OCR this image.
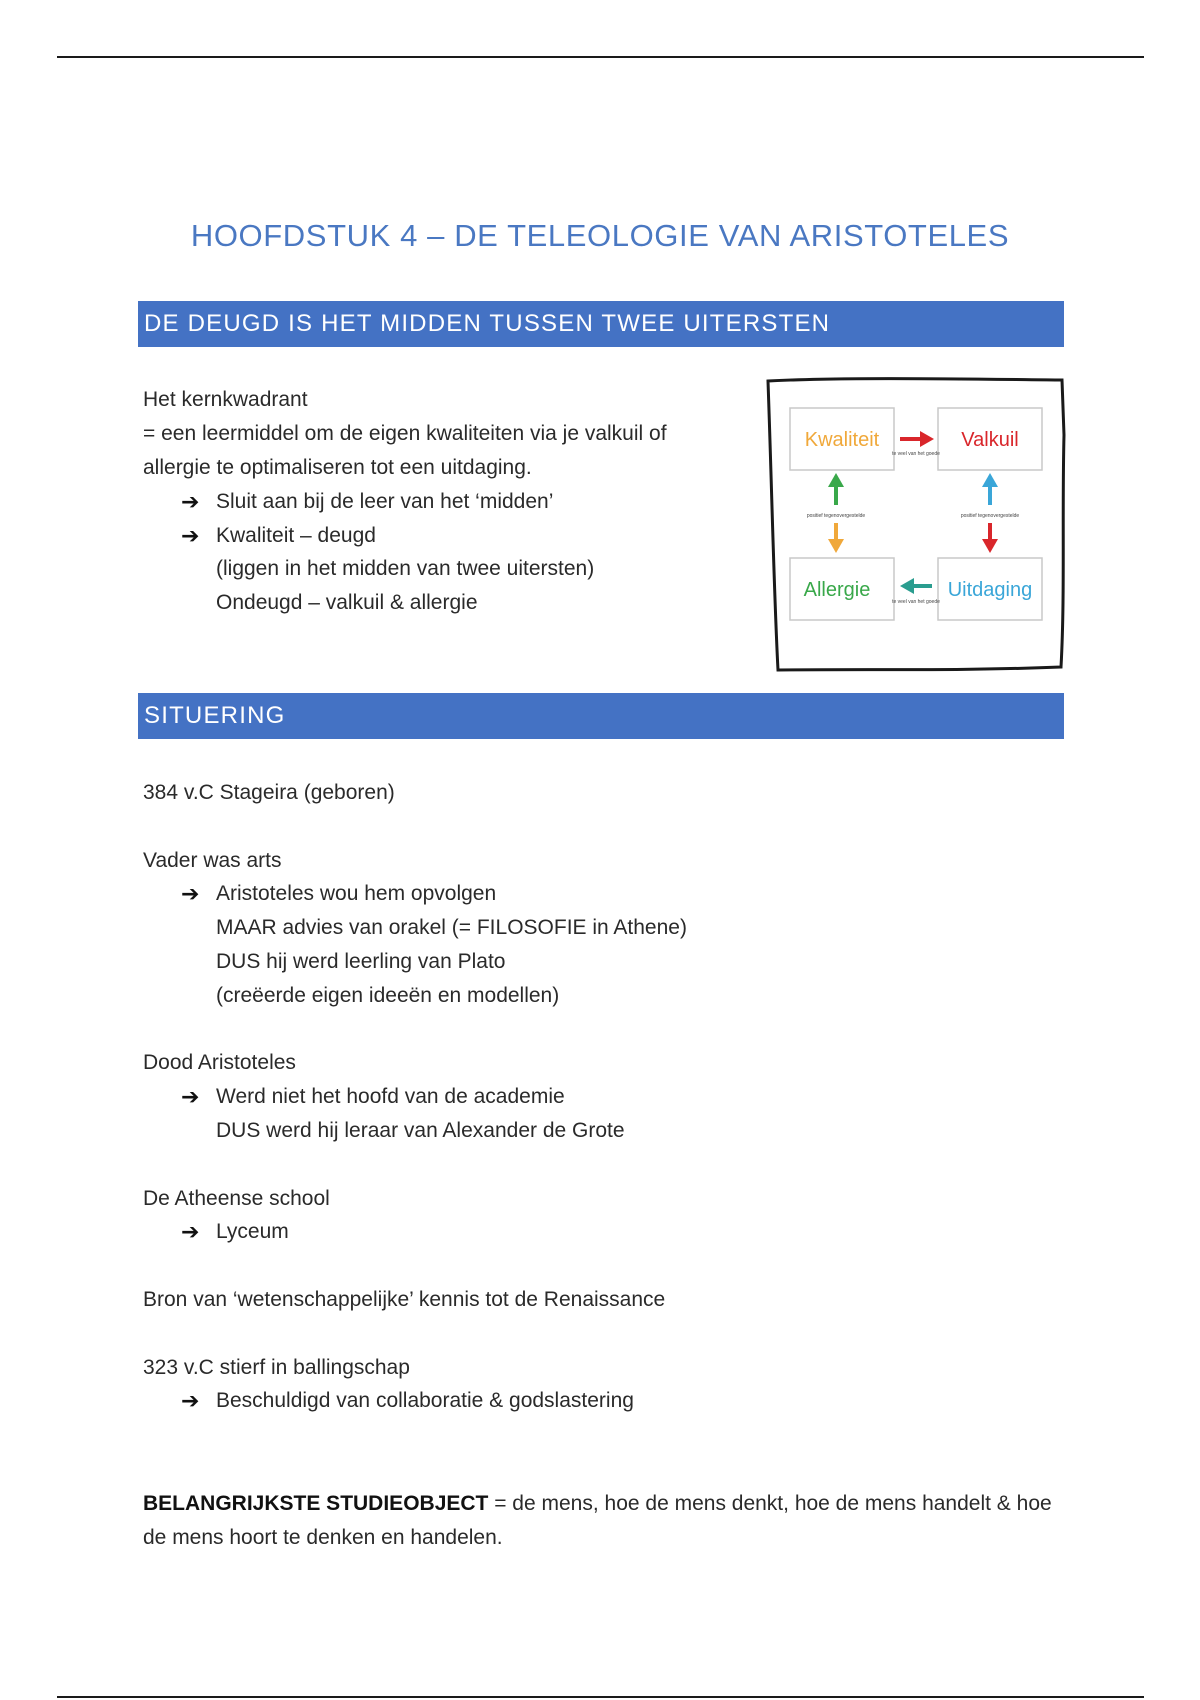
HOOFDSTUK 4 – DE TELEOLOGIE VAN ARISTOTELES
DE DEUGD IS HET MIDDEN TUSSEN TWEE UITERSTEN
Het kernkwadrant
= een leermiddel om de eigen kwaliteiten via je valkuil of
allergie te optimaliseren tot een uitdaging.
➔ Sluit aan bij de leer van het ‘midden’
➔ Kwaliteit – deugd
(liggen in het midden van twee uitersten)
Ondeugd – valkuil & allergie
Kwaliteit	Valkuil
Allergie	Uitdaging
te veel van het goede
positief tegenovergestelde	positief tegenovergestelde
te veel van het goede
SITUERING
384 v.C Stageira (geboren)
Vader was arts
➔ Aristoteles wou hem opvolgen
MAAR advies van orakel (= FILOSOFIE in Athene)
DUS hij werd leerling van Plato
(creëerde eigen ideeën en modellen)
Dood Aristoteles
➔ Werd niet het hoofd van de academie
DUS werd hij leraar van Alexander de Grote
De Atheense school
➔ Lyceum
Bron van ‘wetenschappelijke’ kennis tot de Renaissance
323 v.C stierf in ballingschap
➔ Beschuldigd van collaboratie & godslastering
BELANGRIJKSTE STUDIEOBJECT = de mens, hoe de mens denkt, hoe de mens handelt & hoe
de mens hoort te denken en handelen.
